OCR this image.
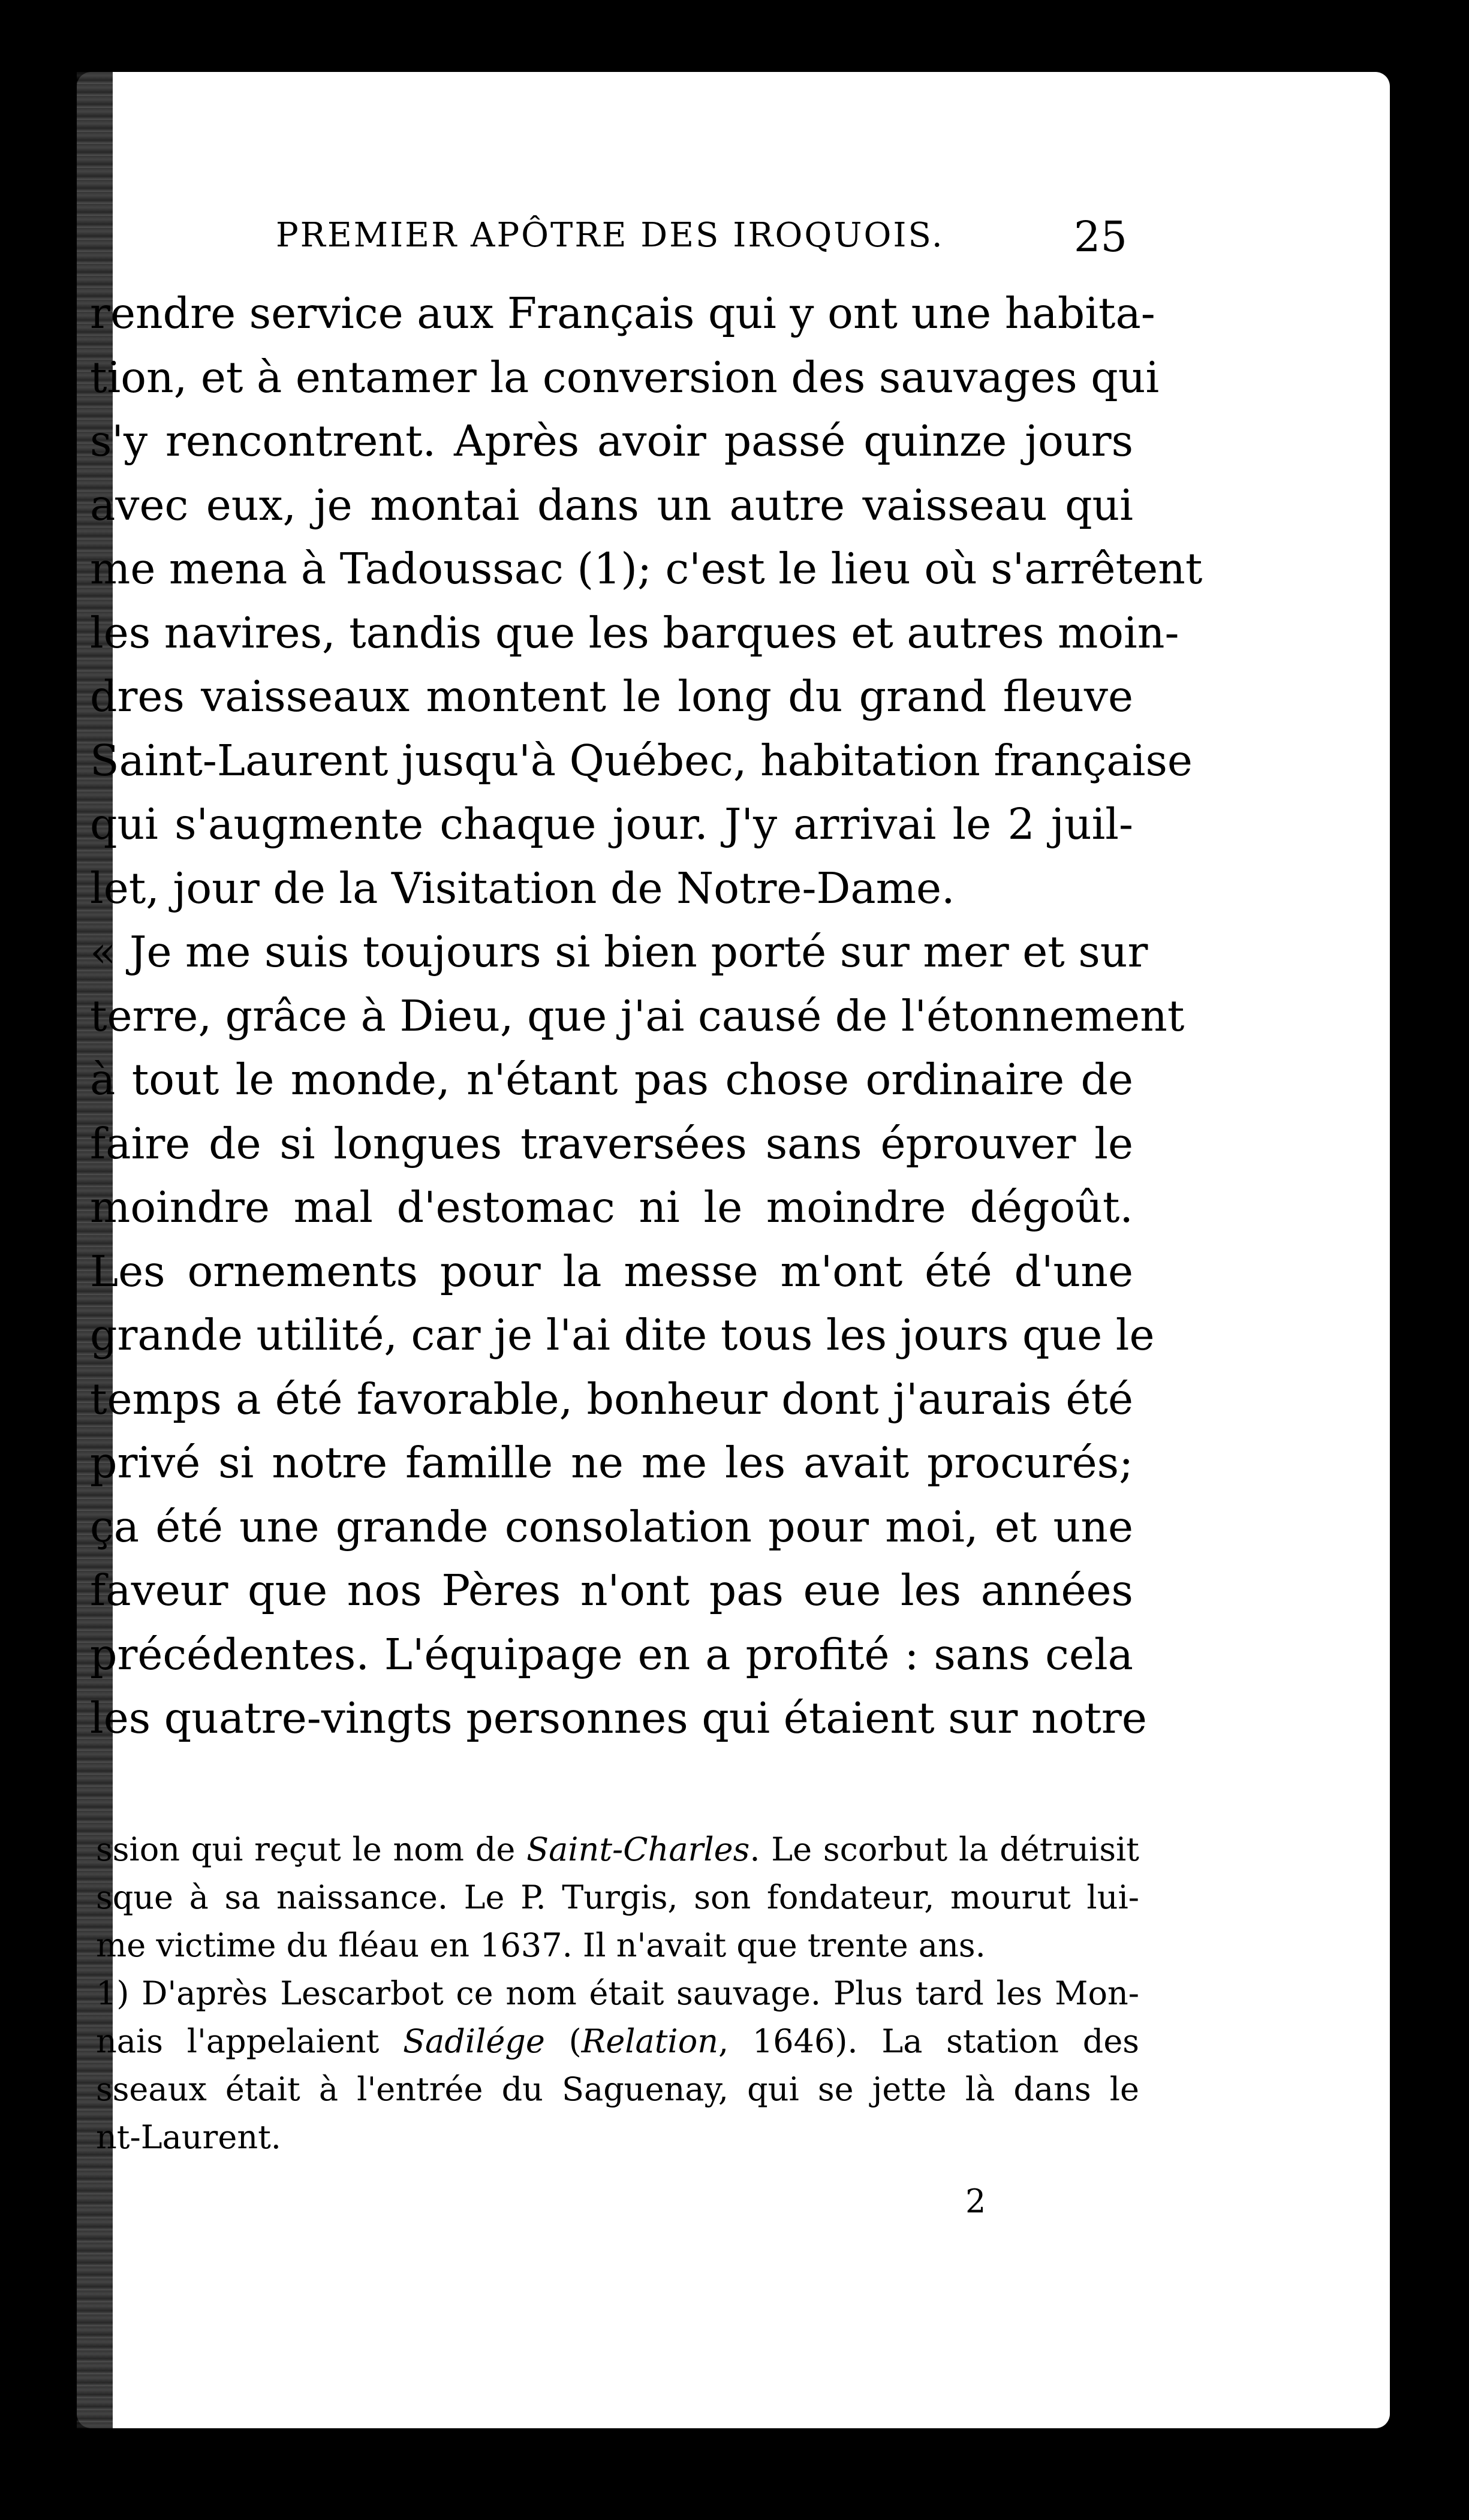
PREMIER APÔTRE DES IROQUOIS.	25
rendre service aux Français qui y ont une habita-
tion, et à entamer la conversion des sauvages qui
s'y rencontrent. Après avoir passé quinze jours
avec eux, je montai dans un autre vaisseau qui
me mena à Tadoussac (1); c'est le lieu où s'arrêtent
les navires, tandis que les barques et autres moin-
dres vaisseaux montent le long du grand fleuve
Saint-Laurent jusqu'à Québec, habitation française
qui s'augmente chaque jour. J'y arrivai le 2 juil-
let, jour de la Visitation de Notre-Dame.
« Je me suis toujours si bien porté sur mer et sur
terre, grâce à Dieu, que j'ai causé de l'étonnement
à tout le monde, n'étant pas chose ordinaire de
faire de si longues traversées sans éprouver le
moindre mal d'estomac ni le moindre dégoût.
Les ornements pour la messe m'ont été d'une
grande utilité, car je l'ai dite tous les jours que le
temps a été favorable, bonheur dont j'aurais été
privé si notre famille ne me les avait procurés;
ça été une grande consolation pour moi, et une
faveur que nos Pères n'ont pas eue les années
précédentes. L'équipage en a profité : sans cela
les quatre-vingts personnes qui étaient sur notre
ssion qui reçut le nom de Saint-Charles. Le scorbut la détruisit
sque à sa naissance. Le P. Turgis, son fondateur, mourut lui-
me victime du fléau en 1637. Il n'avait que trente ans.
1) D'après Lescarbot ce nom était sauvage. Plus tard les Mon-
nais l'appelaient Sadilége (Relation, 1646). La station des
sseaux était à l'entrée du Saguenay, qui se jette là dans le
nt-Laurent.
2
